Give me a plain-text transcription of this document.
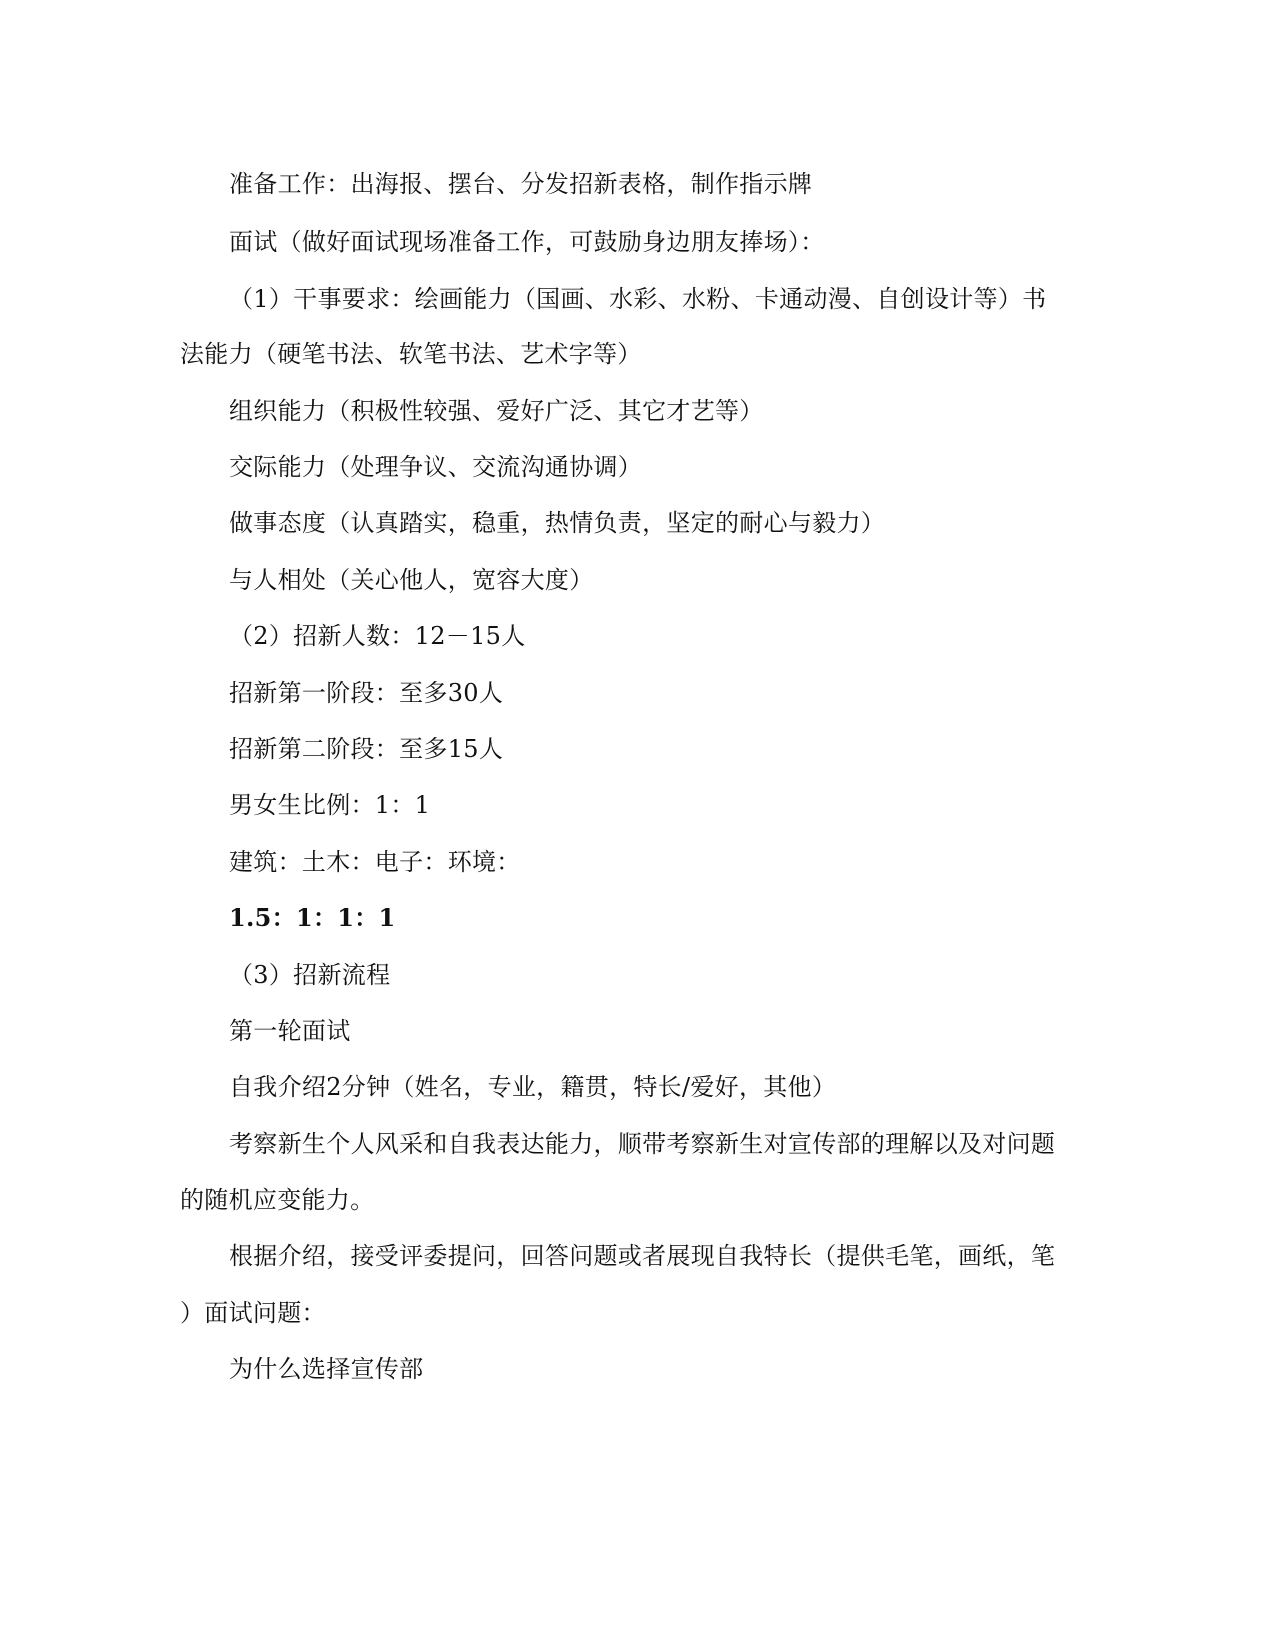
准备工作：出海报、摆台、分发招新表格，制作指示牌

面试（做好面试现场准备工作，可鼓励身边朋友捧场）：

（1）干事要求：绘画能力（国画、水彩、水粉、卡通动漫、自创设计等）书

法能力（硬笔书法、软笔书法、艺术字等）

组织能力（积极性较强、爱好广泛、其它才艺等）

交际能力（处理争议、交流沟通协调）

做事态度（认真踏实，稳重，热情负责，坚定的耐心与毅力）

与人相处（关心他人，宽容大度）

（2）招新人数：12－15人

招新第一阶段：至多30人

招新第二阶段：至多15人

男女生比例：1：1

建筑：土木：电子：环境：

1.5：1：1：1

（3）招新流程

第一轮面试

自我介绍2分钟（姓名，专业，籍贯，特长/爱好，其他）

考察新生个人风采和自我表达能力，顺带考察新生对宣传部的理解以及对问题

的随机应变能力。

根据介绍，接受评委提问，回答问题或者展现自我特长（提供毛笔，画纸，笔

）面试问题：

为什么选择宣传部
